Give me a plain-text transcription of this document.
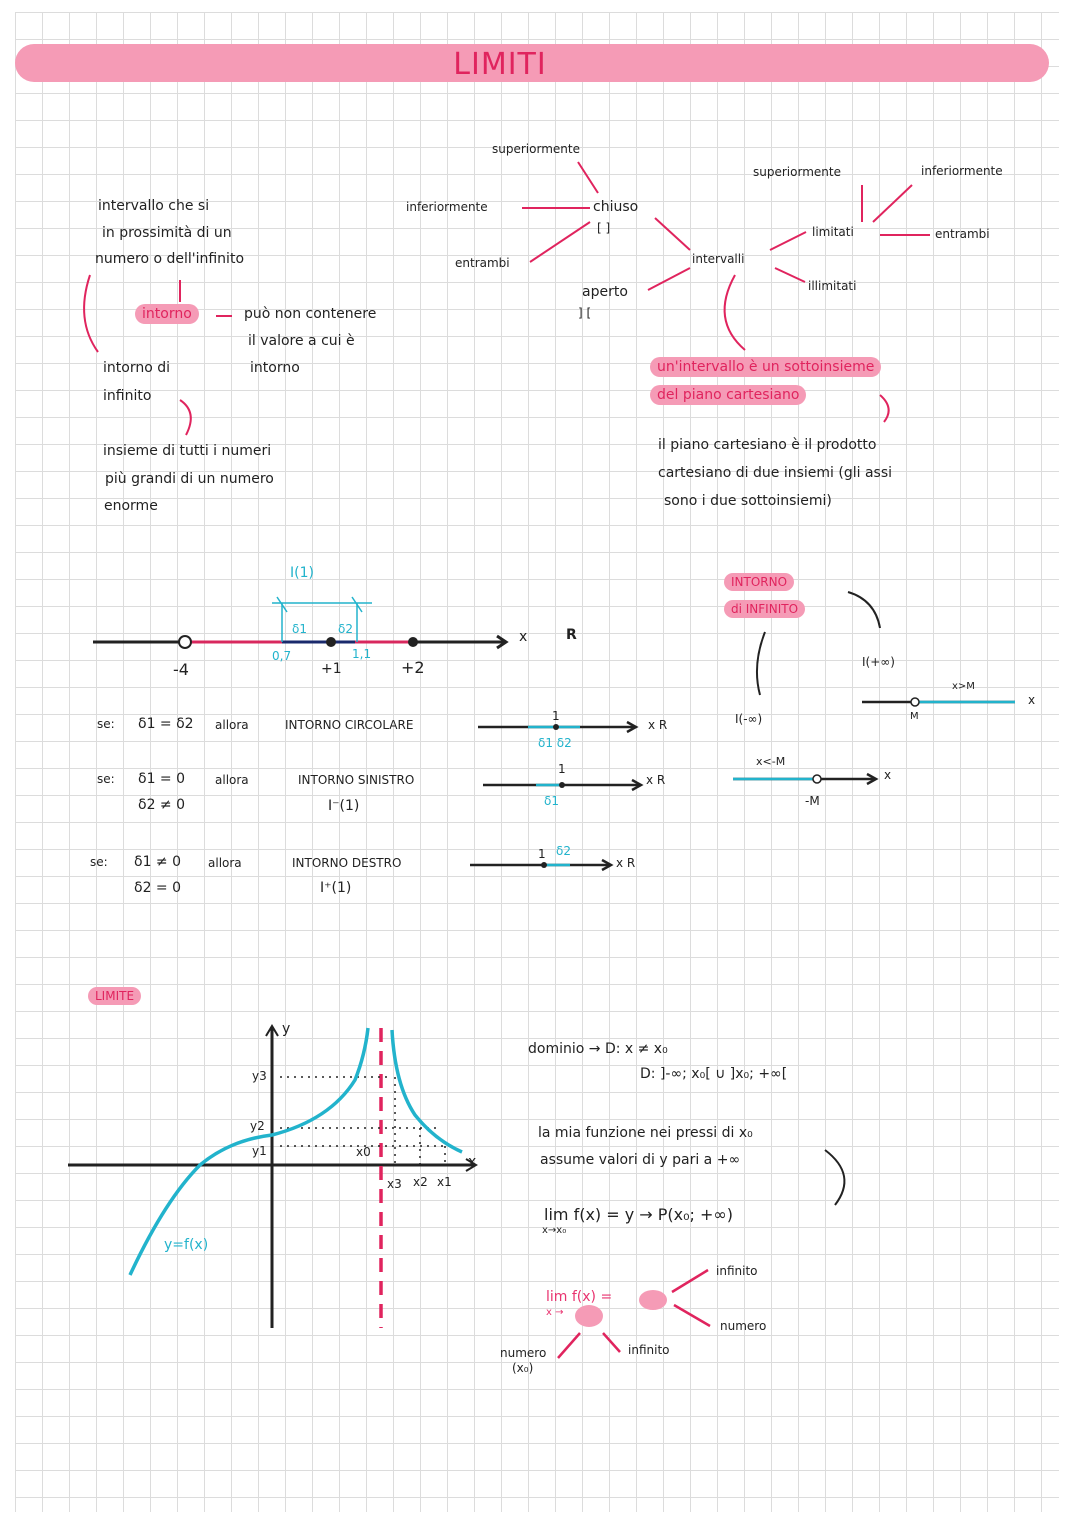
LIMITI
intervallo che si
in prossimità di un
numero o dell'infinito
intorno	può non contenere
il valore a cui è
intorno
intorno di
infinito
insieme di tutti i numeri
più grandi di un numero
enorme
superiormente
inferiormente
entrambi
chiuso
[ ]
aperto
] [
intervalli
limitati
illimitati
superiormente	inferiormente
entrambi
un'intervallo è un sottoinsieme
del piano cartesiano
il piano cartesiano è il prodotto
cartesiano di due insiemi (gli assi
sono i due sottoinsiemi)
I(1)
δ1	δ2
0,7	1,1
-4	+1	+2
x	R
se: δ1 = δ2 allora	INTORNO CIRCOLARE
1
δ1 δ2
x R
se: δ1 = 0
δ2 ≠ 0
allora	INTORNO SINISTRO
I⁻(1)
1
δ1
x R
se: δ1 ≠ 0
δ2 = 0
allora	INTORNO DESTRO
I⁺(1)
1 δ2
x R
INTORNO
di INFINITO
I(+∞)
x>M
M
x
I(-∞)
x<-M
-M
x
LIMITE
y
x
y3
y2
y1	x0
x3 x2 x1
y=f(x)
dominio → D: x ≠ x₀
D: ]-∞; x₀[ ∪ ]x₀; +∞[
la mia funzione nei pressi di x₀
assume valori di y pari a +∞
lim f(x) = y → P(x₀; +∞)
x→x₀
lim f(x) =
x →
infinito
numero
numero
(x₀)
infinito
